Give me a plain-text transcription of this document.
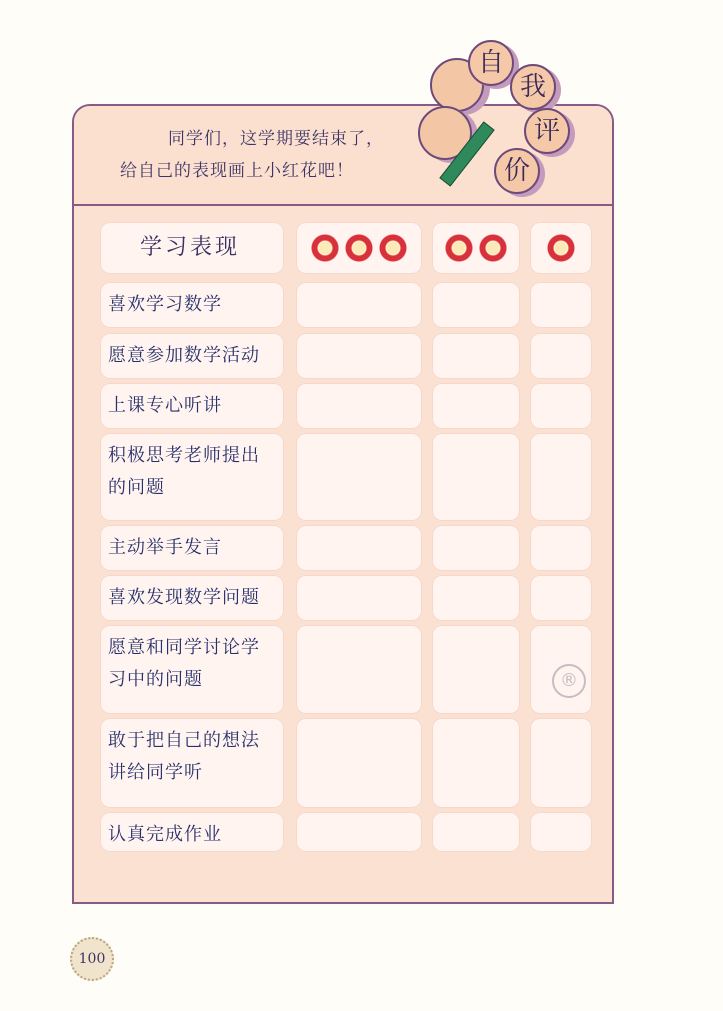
同学们，这学期要结束了，
给自己的表现画上小红花吧！
自
我
评
价
学习表现
喜欢学习数学
愿意参加数学活动
上课专心听讲
积极思考老师提出
的问题
主动举手发言
喜欢发现数学问题
愿意和同学讨论学
习中的问题
敢于把自己的想法
讲给同学听
认真完成作业
®
100
